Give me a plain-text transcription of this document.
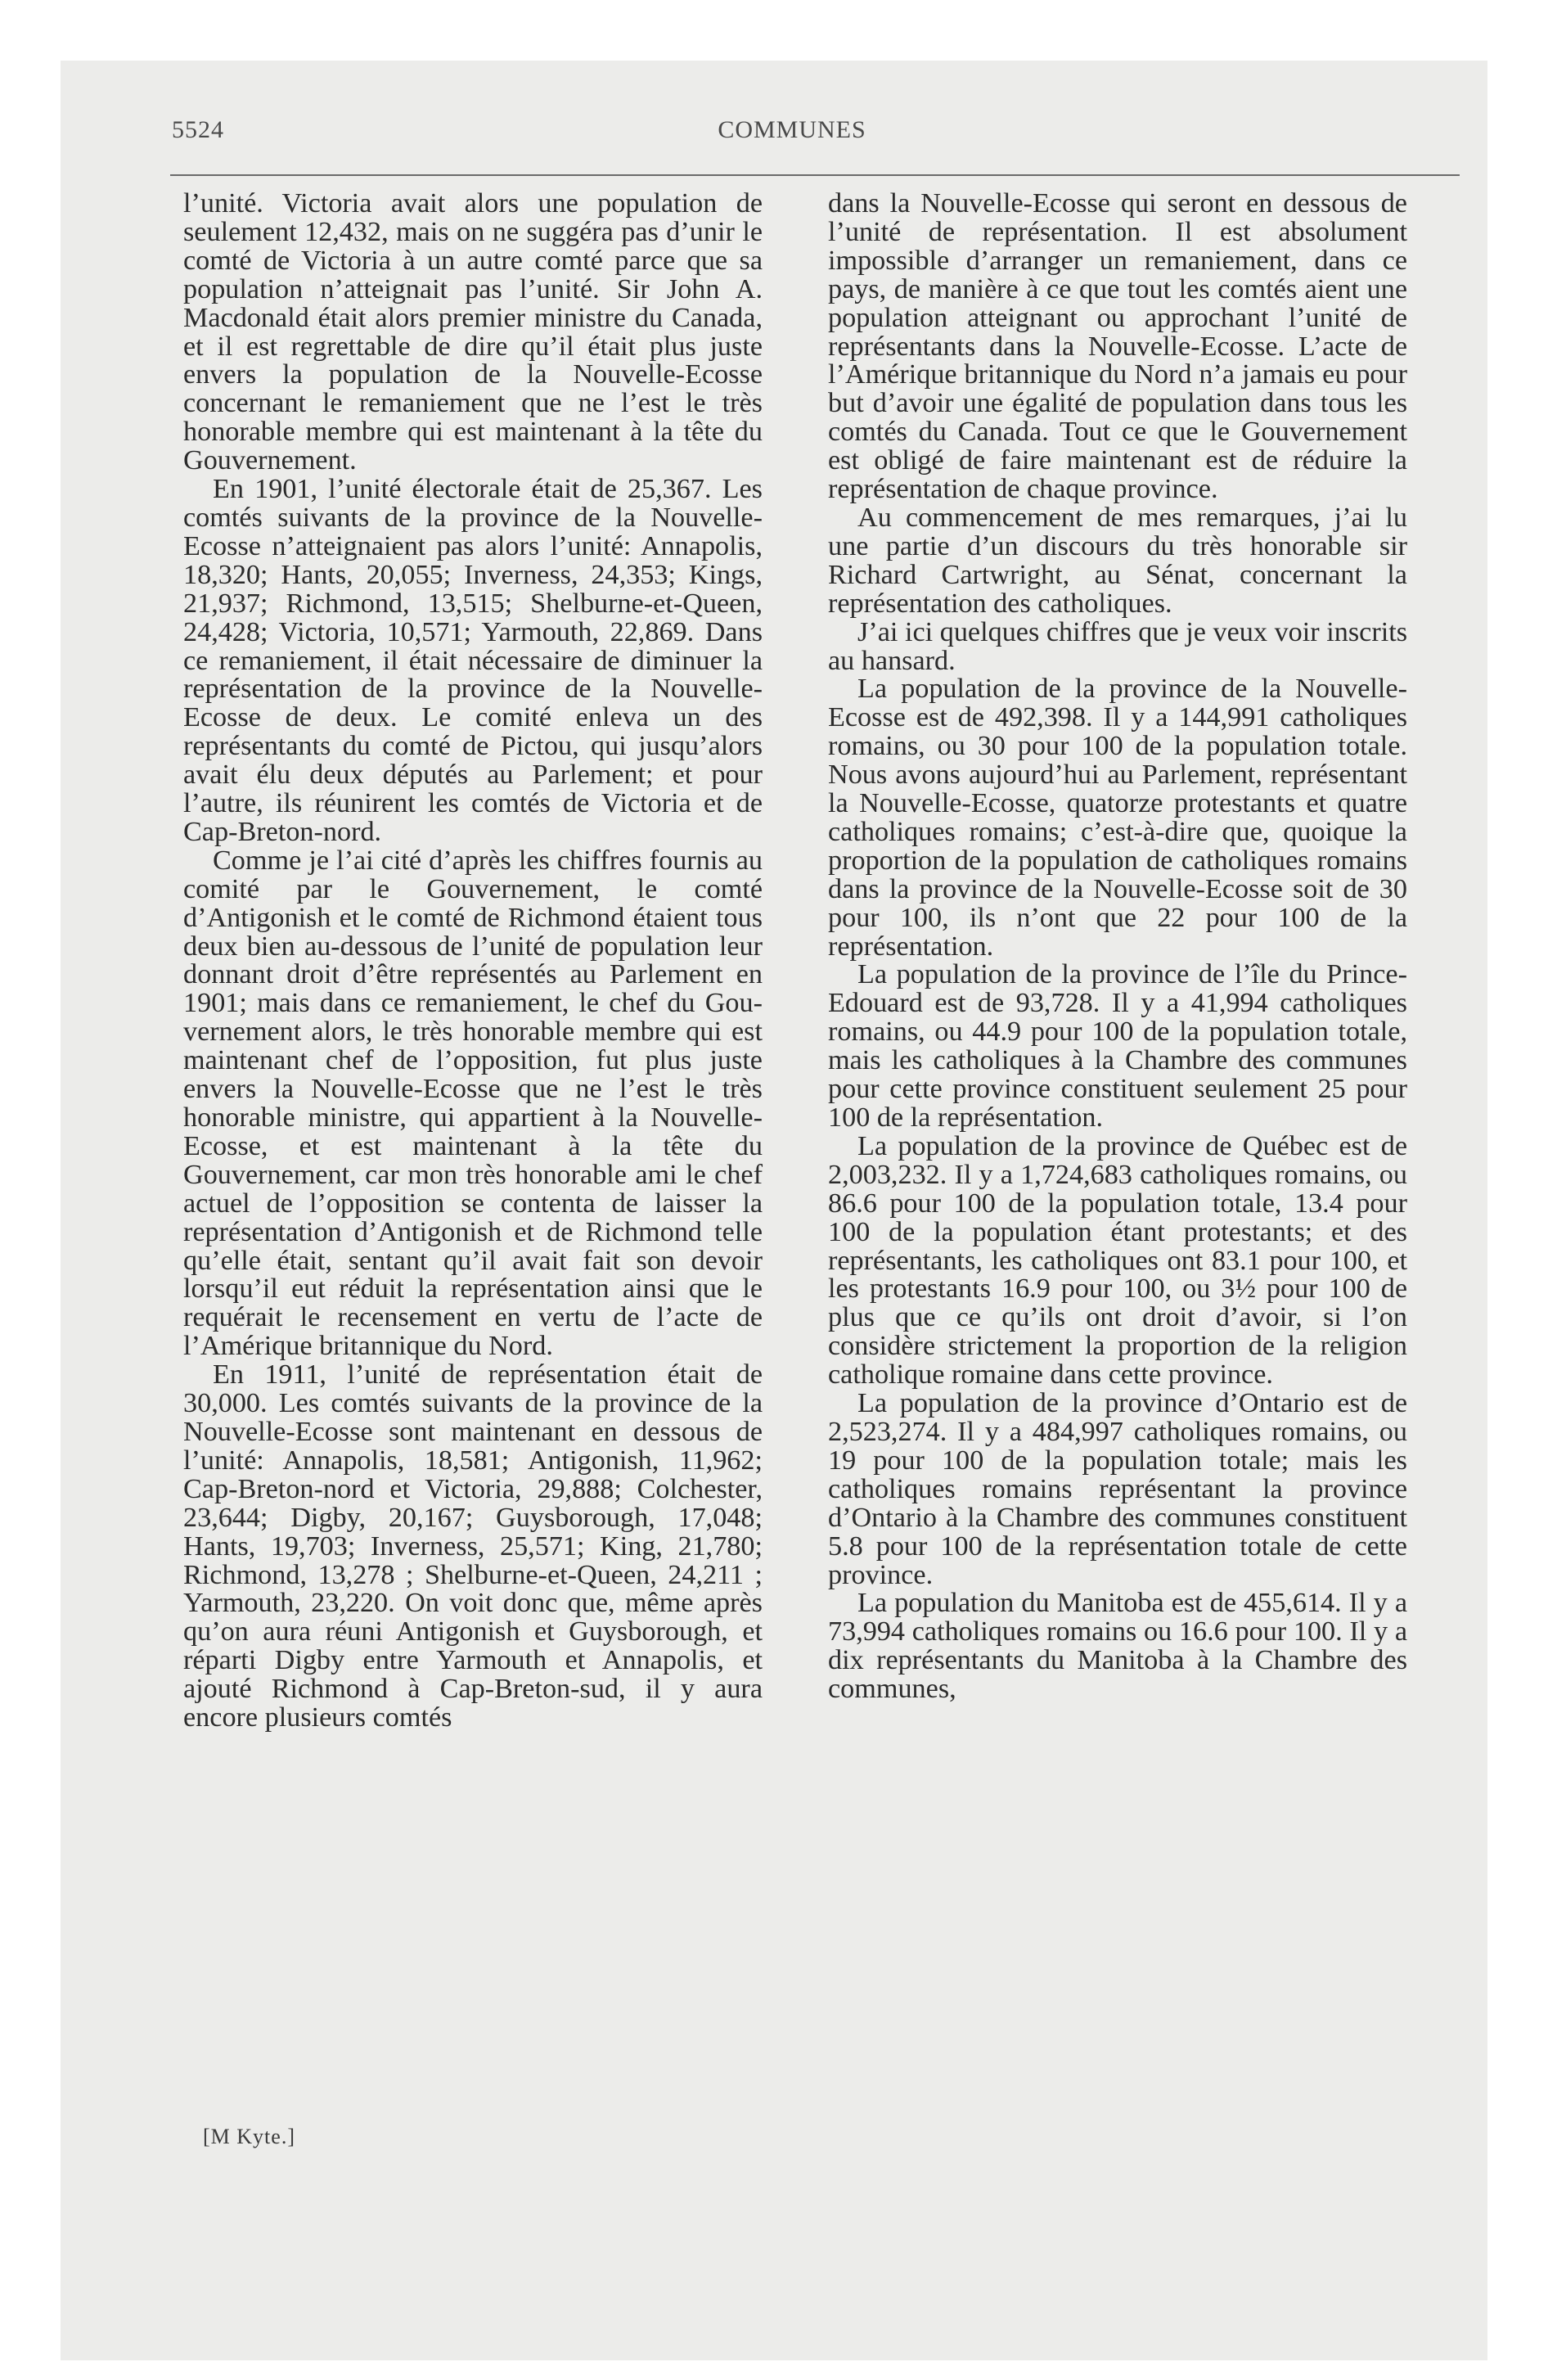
5524	COMMUNES

l’unité. Victoria avait alors une population de seulement 12,432, mais on ne suggéra pas d’unir le comté de Victoria à un autre comté parce que sa population n’atteignait pas l’unité. Sir John A. Macdonald était alors premier ministre du Canada, et il est regrettable de dire qu’il était plus juste envers la population de la Nouvelle-Ecosse concernant le remaniement que ne l’est le très honorable membre qui est maintenant à la tête du Gouvernement.

En 1901, l’unité électorale était de 25,367. Les comtés suivants de la province de la Nouvelle-Ecosse n’atteignaient pas alors l’unité: Annapolis, 18,320; Hants, 20,055; Inverness, 24,353; Kings, 21,937; Richmond, 13,515; Shelburne-et-Queen, 24,428; Victoria, 10,571; Yarmouth, 22,869. Dans ce remaniement, il était nécessaire de diminuer la représentation de la province de la Nouvelle-Ecosse de deux. Le comité enleva un des représentants du comté de Pictou, qui jusqu’alors avait élu deux députés au Parlement; et pour l’autre, ils réunirent les comtés de Victoria et de Cap-Breton-nord.

Comme je l’ai cité d’après les chiffres fournis au comité par le Gouvernement, le comté d’Antigonish et le comté de Richmond étaient tous deux bien au-dessous de l’unité de population leur donnant droit d’être représentés au Parlement en 1901; mais dans ce remaniement, le chef du Gouvernement alors, le très honorable membre qui est maintenant chef de l’opposition, fut plus juste envers la Nouvelle-Ecosse que ne l’est le très honorable ministre, qui appartient à la Nouvelle-Ecosse, et est maintenant à la tête du Gouvernement, car mon très honorable ami le chef actuel de l’opposition se contenta de laisser la représentation d’Antigonish et de Richmond telle qu’elle était, sentant qu’il avait fait son devoir lorsqu’il eut réduit la représentation ainsi que le requérait le recensement en vertu de l’acte de l’Amérique britannique du Nord.

En 1911, l’unité de représentation était de 30,000. Les comtés suivants de la province de la Nouvelle-Ecosse sont maintenant en dessous de l’unité: Annapolis, 18,581; Antigonish, 11,962; Cap-Breton-nord et Victoria, 29,888; Colchester, 23,644; Digby, 20,167; Guysborough, 17,048; Hants, 19,703; Inverness, 25,571; King, 21,780; Richmond, 13,278 ; Shelburne-et-Queen, 24,211 ; Yarmouth, 23,220. On voit donc que, même après qu’on aura réuni Antigonish et Guysborough, et réparti Digby entre Yarmouth et Annapolis, et ajouté Richmond à Cap-Breton-sud, il y aura encore plusieurs comtés

dans la Nouvelle-Ecosse qui seront en dessous de l’unité de représentation. Il est absolument impossible d’arranger un remaniement, dans ce pays, de manière à ce que tout les comtés aient une population atteignant ou approchant l’unité de représentants dans la Nouvelle-Ecosse. L’acte de l’Amérique britannique du Nord n’a jamais eu pour but d’avoir une égalité de population dans tous les comtés du Canada. Tout ce que le Gouvernement est obligé de faire maintenant est de réduire la représentation de chaque province.

Au commencement de mes remarques, j’ai lu une partie d’un discours du très honorable sir Richard Cartwright, au Sénat, concernant la représentation des catholiques.

J’ai ici quelques chiffres que je veux voir inscrits au hansard.

La population de la province de la Nouvelle-Ecosse est de 492,398. Il y a 144,991 catholiques romains, ou 30 pour 100 de la population totale. Nous avons aujourd’hui au Parlement, représentant la Nouvelle-Ecosse, quatorze protestants et quatre catholiques romains; c’est-à-dire que, quoique la proportion de la population de catholiques romains dans la province de la Nouvelle-Ecosse soit de 30 pour 100, ils n’ont que 22 pour 100 de la représentation.

La population de la province de l’île du Prince-Edouard est de 93,728. Il y a 41,994 catholiques romains, ou 44.9 pour 100 de la population totale, mais les catholiques à la Chambre des communes pour cette province constituent seulement 25 pour 100 de la représentation.

La population de la province de Québec est de 2,003,232. Il y a 1,724,683 catholiques romains, ou 86.6 pour 100 de la population totale, 13.4 pour 100 de la population étant protestants; et des représentants, les catholiques ont 83.1 pour 100, et les protestants 16.9 pour 100, ou 3½ pour 100 de plus que ce qu’ils ont droit d’avoir, si l’on considère strictement la proportion de la religion catholique romaine dans cette province.

La population de la province d’Ontario est de 2,523,274. Il y a 484,997 catholiques romains, ou 19 pour 100 de la population totale; mais les catholiques romains représentant la province d’Ontario à la Chambre des communes constituent 5.8 pour 100 de la représentation totale de cette province.

La population du Manitoba est de 455,614. Il y a 73,994 catholiques romains ou 16.6 pour 100. Il y a dix représentants du Manitoba à la Chambre des communes,

[M Kyte.]
